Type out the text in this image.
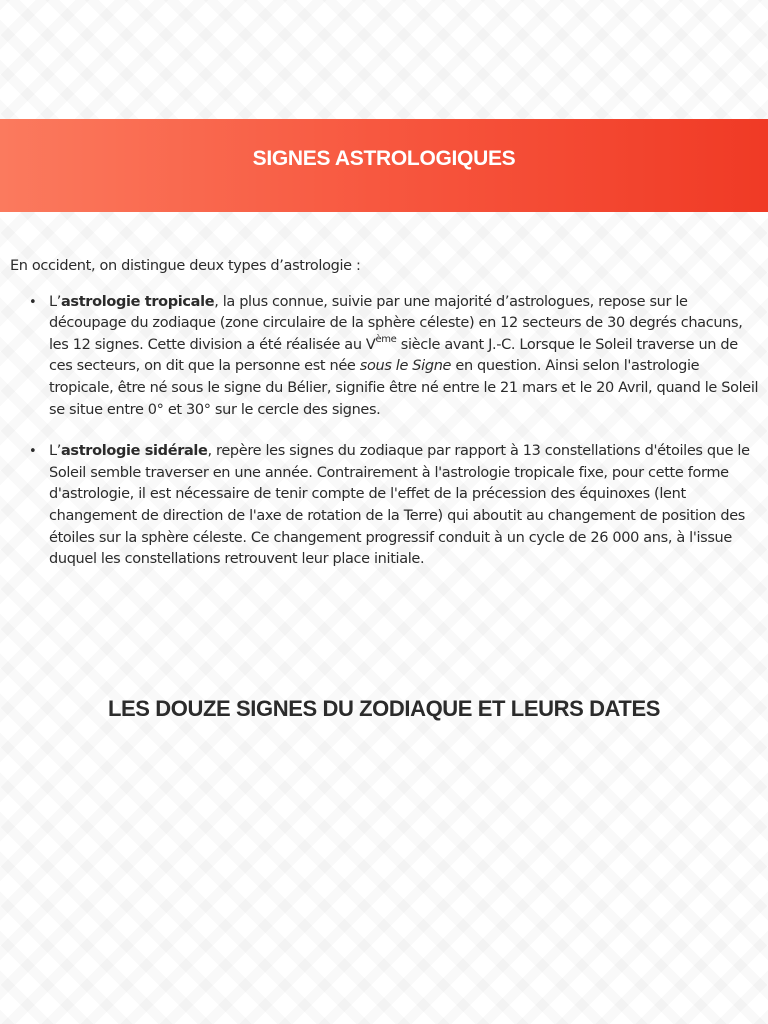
SIGNES ASTROLOGIQUES

En occident, on distingue deux types d’astrologie :

• L’astrologie tropicale, la plus connue, suivie par une majorité d’astrologues, repose sur le découpage du zodiaque (zone circulaire de la sphère céleste) en 12 secteurs de 30 degrés chacuns, les 12 signes. Cette division a été réalisée au Vème siècle avant J.-C. Lorsque le Soleil traverse un de ces secteurs, on dit que la personne est née sous le Signe en question. Ainsi selon l'astrologie tropicale, être né sous le signe du Bélier, signifie être né entre le 21 mars et le 20 Avril, quand le Soleil se situe entre 0° et 30° sur le cercle des signes.
• L’astrologie sidérale, repère les signes du zodiaque par rapport à 13 constellations d'étoiles que le Soleil semble traverser en une année. Contrairement à l'astrologie tropicale fixe, pour cette forme d'astrologie, il est nécessaire de tenir compte de l'effet de la précession des équinoxes (lent changement de direction de l'axe de rotation de la Terre) qui aboutit au changement de position des étoiles sur la sphère céleste. Ce changement progressif conduit à un cycle de 26 000 ans, à l'issue duquel les constellations retrouvent leur place initiale.
LES DOUZE SIGNES DU ZODIAQUE ET LEURS DATES
